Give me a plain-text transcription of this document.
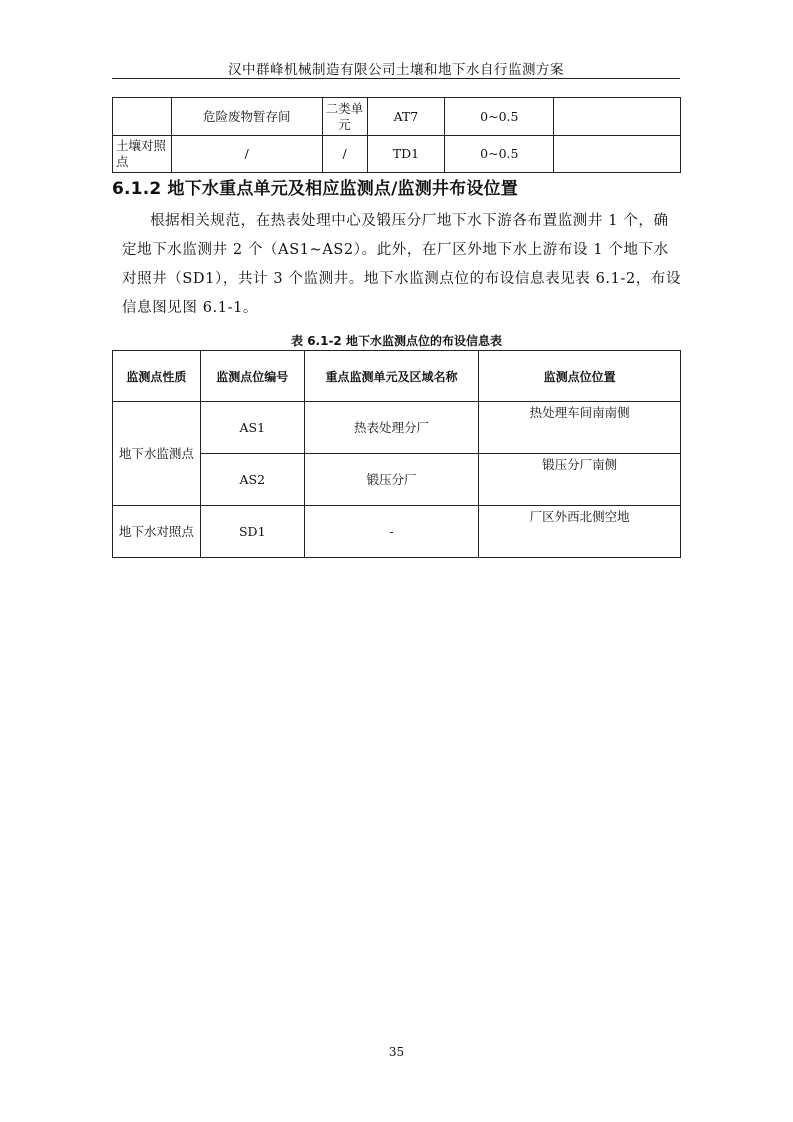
汉中群峰机械制造有限公司土壤和地下水自行监测方案
	危险废物暂存间	二类单元	AT7	0~0.5	
土壤对照点	/	/	TD1	0~0.5	
6.1.2 地下水重点单元及相应监测点/监测井布设位置
根据相关规范，在热表处理中心及锻压分厂地下水下游各布置监测井 1 个，确定地下水监测井 2 个（AS1~AS2）。此外，在厂区外地下水上游布设 1 个地下水对照井（SD1），共计 3 个监测井。地下水监测点位的布设信息表见表 6.1-2，布设信息图见图 6.1-1。
表 6.1-2 地下水监测点位的布设信息表
监测点性质	监测点位编号	重点监测单元及区域名称	监测点位位置
地下水监测点	AS1	热表处理分厂	热处理车间南南侧
	AS2	锻压分厂	锻压分厂南侧
地下水对照点	SD1	-	厂区外西北侧空地
35
